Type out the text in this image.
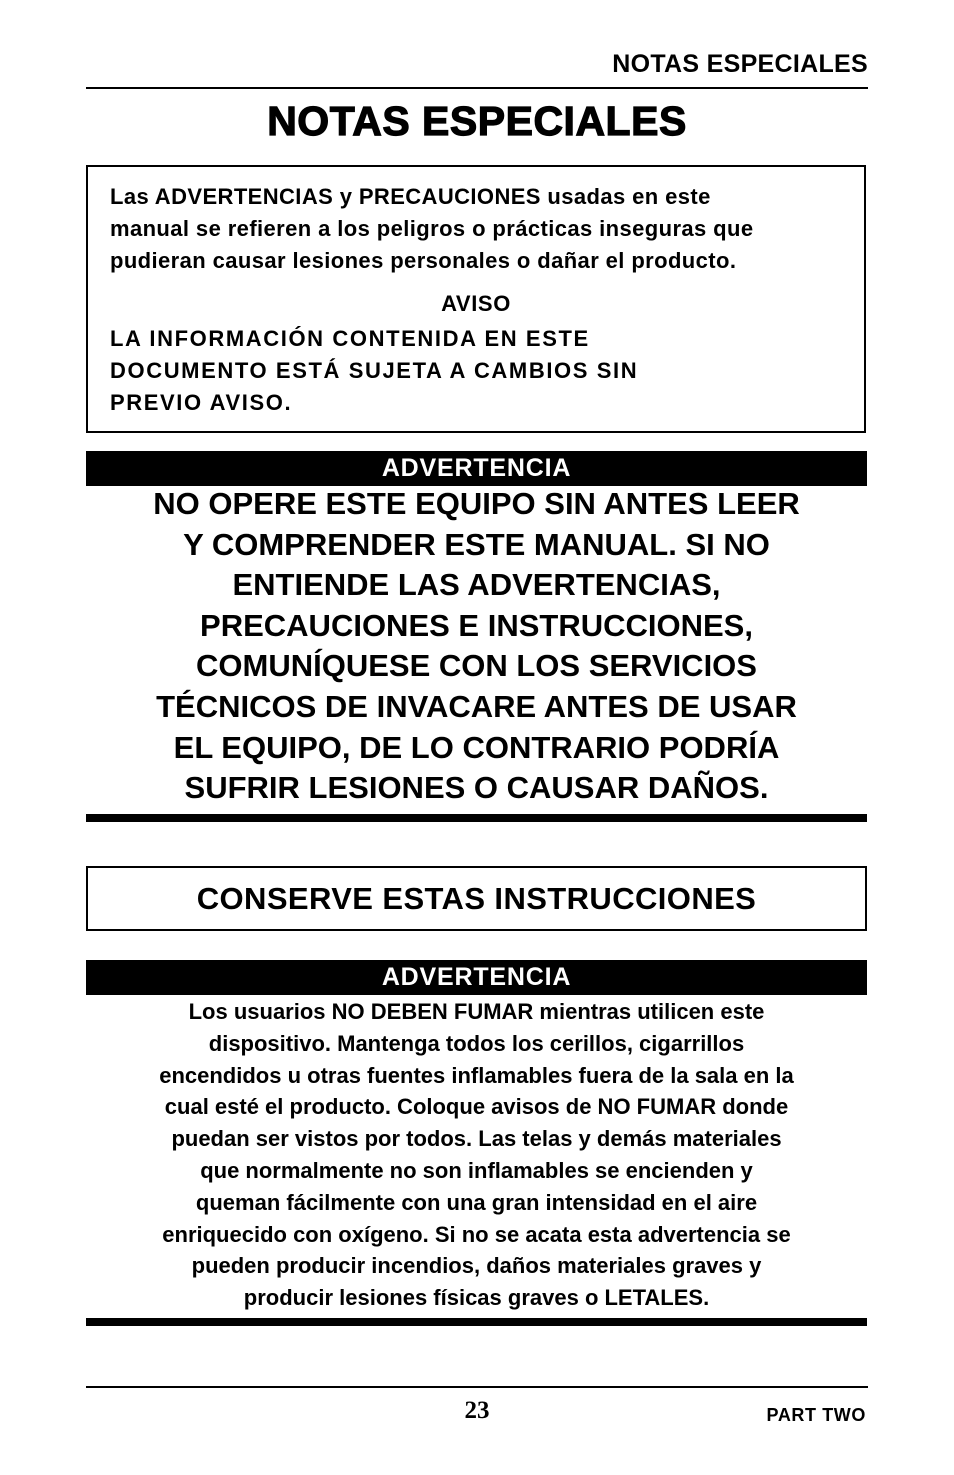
NOTAS ESPECIALES
NOTAS ESPECIALES
Las ADVERTENCIAS y PRECAUCIONES usadas en este
manual se refieren a los peligros o prácticas inseguras que
pudieran causar lesiones personales o dañar el producto.
AVISO
LA INFORMACIÓN CONTENIDA EN ESTE
DOCUMENTO ESTÁ SUJETA A CAMBIOS SIN
PREVIO AVISO.
ADVERTENCIA
NO OPERE ESTE EQUIPO SIN ANTES LEER
Y COMPRENDER ESTE MANUAL. SI NO
ENTIENDE LAS ADVERTENCIAS,
PRECAUCIONES E INSTRUCCIONES,
COMUNÍQUESE CON LOS SERVICIOS
TÉCNICOS DE INVACARE ANTES DE USAR
EL EQUIPO, DE LO CONTRARIO PODRÍA
SUFRIR LESIONES O CAUSAR DAÑOS.
CONSERVE ESTAS INSTRUCCIONES
ADVERTENCIA
Los usuarios NO DEBEN FUMAR mientras utilicen este
dispositivo. Mantenga todos los cerillos, cigarrillos
encendidos u otras fuentes inflamables fuera de la sala en la
cual esté el producto. Coloque avisos de NO FUMAR donde
puedan ser vistos por todos. Las telas y demás materiales
que normalmente no son inflamables se encienden y
queman fácilmente con una gran intensidad en el aire
enriquecido con oxígeno. Si no se acata esta advertencia se
pueden producir incendios, daños materiales graves y
producir lesiones físicas graves o LETALES.
23	PART TWO
